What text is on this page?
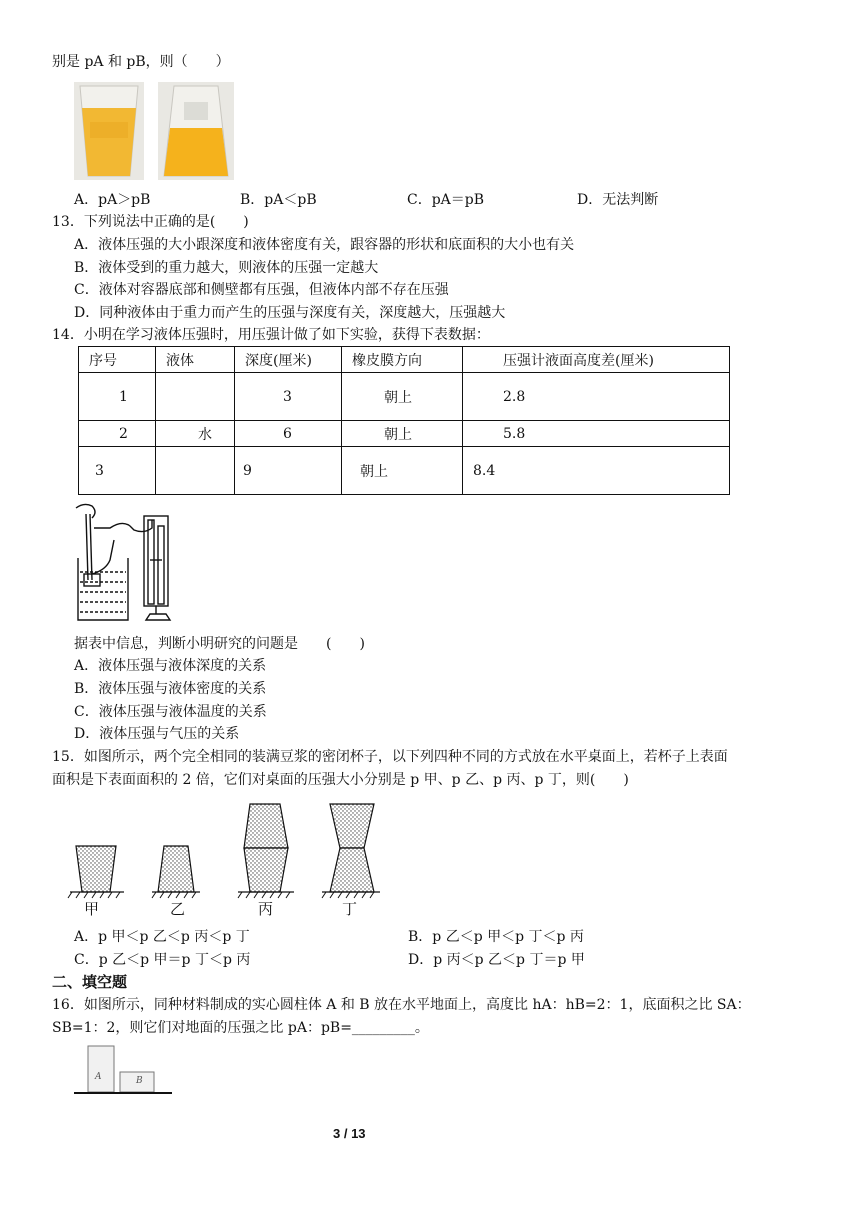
别是 pA 和 pB，则（　　）
A．pA＞pB	B．pA＜pB	C．pA＝pB	D．无法判断
13．下列说法中正确的是(　　)
A．液体压强的大小跟深度和液体密度有关，跟容器的形状和底面积的大小也有关
B．液体受到的重力越大，则液体的压强一定越大
C．液体对容器底部和侧壁都有压强，但液体内部不存在压强
D．同种液体由于重力而产生的压强与深度有关，深度越大，压强越大
14．小明在学习液体压强时，用压强计做了如下实验，获得下表数据：
序号	液体	深度(厘米)	橡皮膜方向	压强计液面高度差(厘米)
1		3	朝上	2.8
2	水	6	朝上	5.8
3		9	朝上	8.4
据表中信息，判断小明研究的问题是　　(　　)
A．液体压强与液体深度的关系
B．液体压强与液体密度的关系
C．液体压强与液体温度的关系
D．液体压强与气压的关系
15．如图所示，两个完全相同的装满豆浆的密闭杯子，以下列四种不同的方式放在水平桌面上，若杯子上表面
面积是下表面面积的 2 倍，它们对桌面的压强大小分别是 p 甲、p 乙、p 丙、p 丁，则(　　)
甲	乙	丙	丁
A．p 甲＜p 乙＜p 丙＜p 丁	B．p 乙＜p 甲＜p 丁＜p 丙
C．p 乙＜p 甲＝p 丁＜p 丙	D．p 丙＜p 乙＜p 丁＝p 甲
二、填空题
16．如图所示，同种材料制成的实心圆柱体 A 和 B 放在水平地面上，高度比 hA：hB=2：1，底面积之比 SA：
SB=1：2，则它们对地面的压强之比 pA：pB=_________。
A	B
3 / 13
